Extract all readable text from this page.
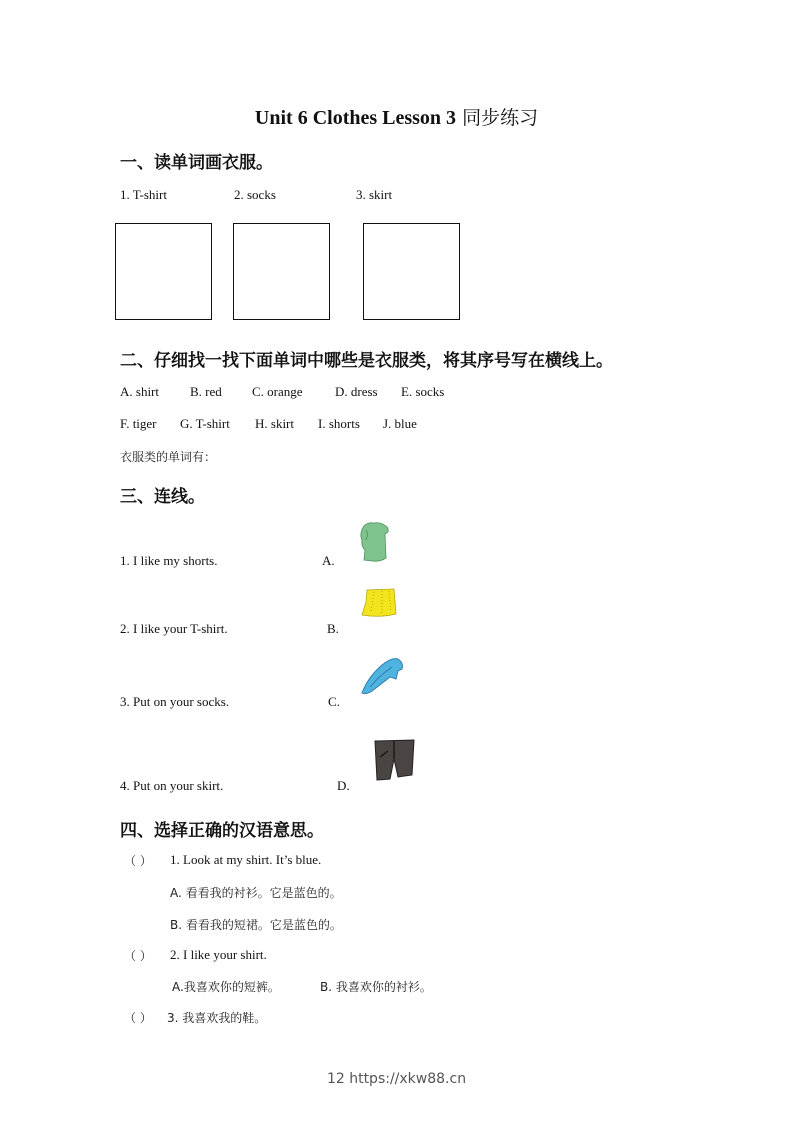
Unit 6 Clothes Lesson 3 同步练习
一、读单词画衣服。
1. T-shirt	2. socks	3. skirt
二、仔细找一找下面单词中哪些是衣服类，将其序号写在横线上。
A. shirt B. red C. orange D. dress E. socks
F. tiger G. T-shirt H. skirt I. shorts J. blue
衣服类的单词有：
三、连线。
1. I like my shorts.	A.
2. I like your T-shirt.	B.
3. Put on your socks.	C.
4. Put on your skirt.	D.
四、选择正确的汉语意思。
（ ） 1. Look at my shirt. It’s blue.
A. 看看我的衬衫。它是蓝色的。
B. 看看我的短裙。它是蓝色的。
（ ） 2. I like your shirt.
A.我喜欢你的短裤。	B. 我喜欢你的衬衫。
（ ） 3. 我喜欢我的鞋。
12 https://xkw88.cn
